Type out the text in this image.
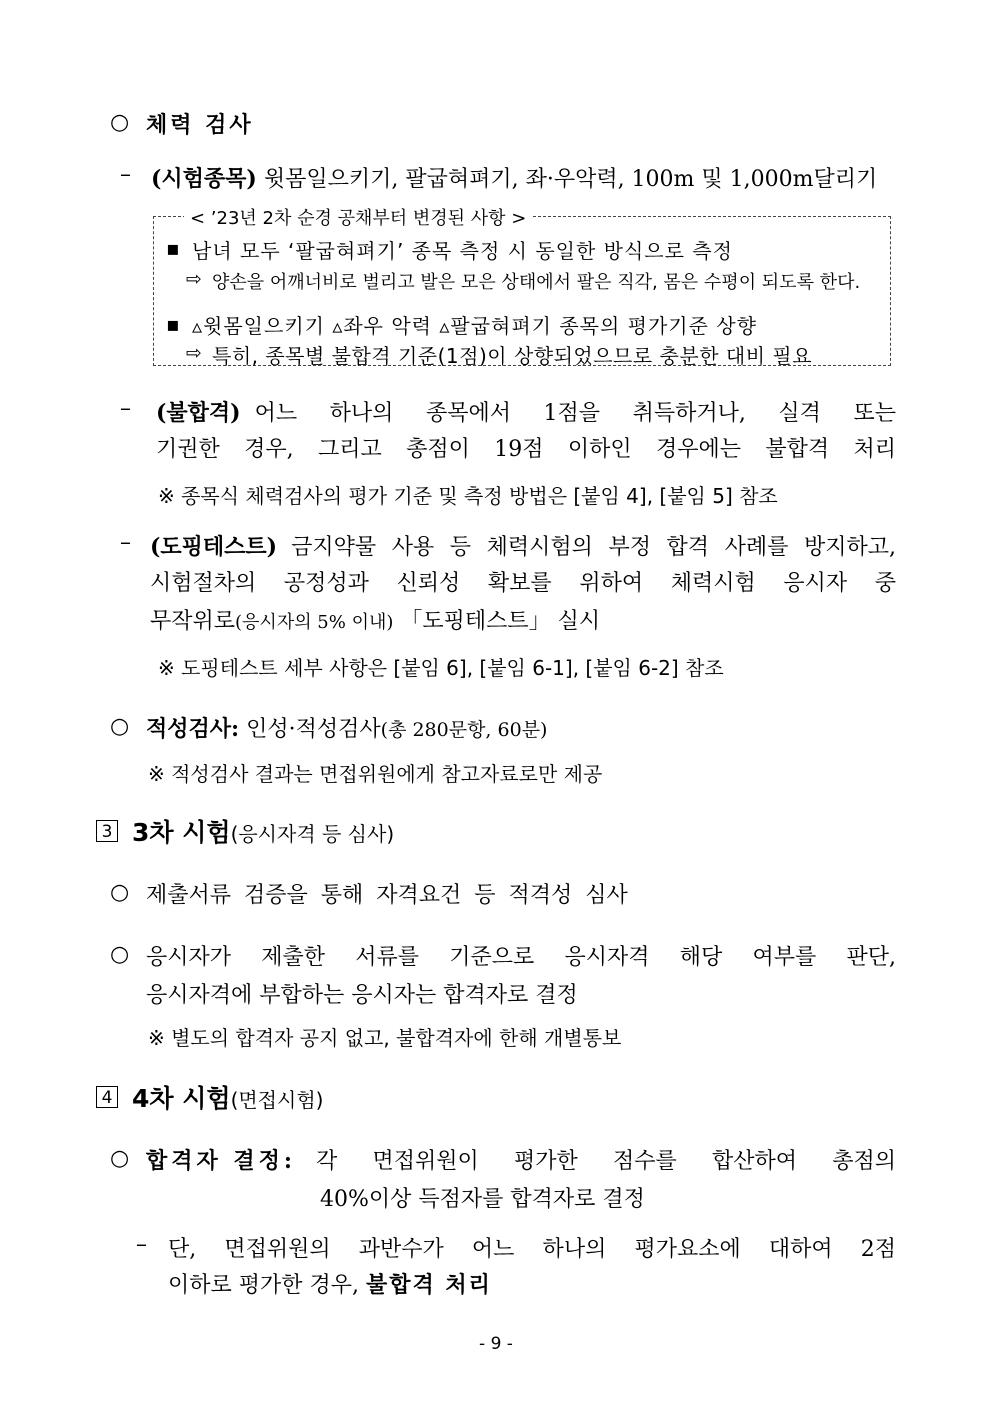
○ 체력 검사
– (시험종목) 윗몸일으키기, 팔굽혀펴기, 좌·우악력, 100m 및 1,000m달리기
< ’23년 2차 순경 공채부터 변경된 사항 >
▪ 남녀 모두 ‘팔굽혀펴기’ 종목 측정 시 동일한 방식으로 측정
⇨ 양손을 어깨너비로 벌리고 발은 모은 상태에서 팔은 직각, 몸은 수평이 되도록 한다.
▪ ▵윗몸일으키기 ▵좌우 악력 ▵팔굽혀펴기 종목의 평가기준 상향
⇨ 특히, 종목별 불합격 기준(1점)이 상향되었으므로 충분한 대비 필요
– (불합격) 어느 하나의 종목에서 1점을 취득하거나, 실격 또는
기권한 경우, 그리고 총점이 19점 이하인 경우에는 불합격 처리
※ 종목식 체력검사의 평가 기준 및 측정 방법은 [붙임 4], [붙임 5] 참조
– (도핑테스트) 금지약물 사용 등 체력시험의 부정 합격 사례를 방지하고,
시험절차의 공정성과 신뢰성 확보를 위하여 체력시험 응시자 중
무작위로(응시자의 5% 이내) 「도핑테스트」 실시
※ 도핑테스트 세부 사항은 [붙임 6], [붙임 6-1], [붙임 6-2] 참조
○ 적성검사: 인성·적성검사(총 280문항, 60분)
※ 적성검사 결과는 면접위원에게 참고자료로만 제공
3 3차 시험(응시자격 등 심사)
○ 제출서류 검증을 통해 자격요건 등 적격성 심사
○ 응시자가 제출한 서류를 기준으로 응시자격 해당 여부를 판단,
응시자격에 부합하는 응시자는 합격자로 결정
※ 별도의 합격자 공지 없고, 불합격자에 한해 개별통보
4 4차 시험(면접시험)
○ 합격자 결정: 각 면접위원이 평가한 점수를 합산하여 총점의
40%이상 득점자를 합격자로 결정
– 단, 면접위원의 과반수가 어느 하나의 평가요소에 대하여 2점
이하로 평가한 경우, 불합격 처리
- 9 -
